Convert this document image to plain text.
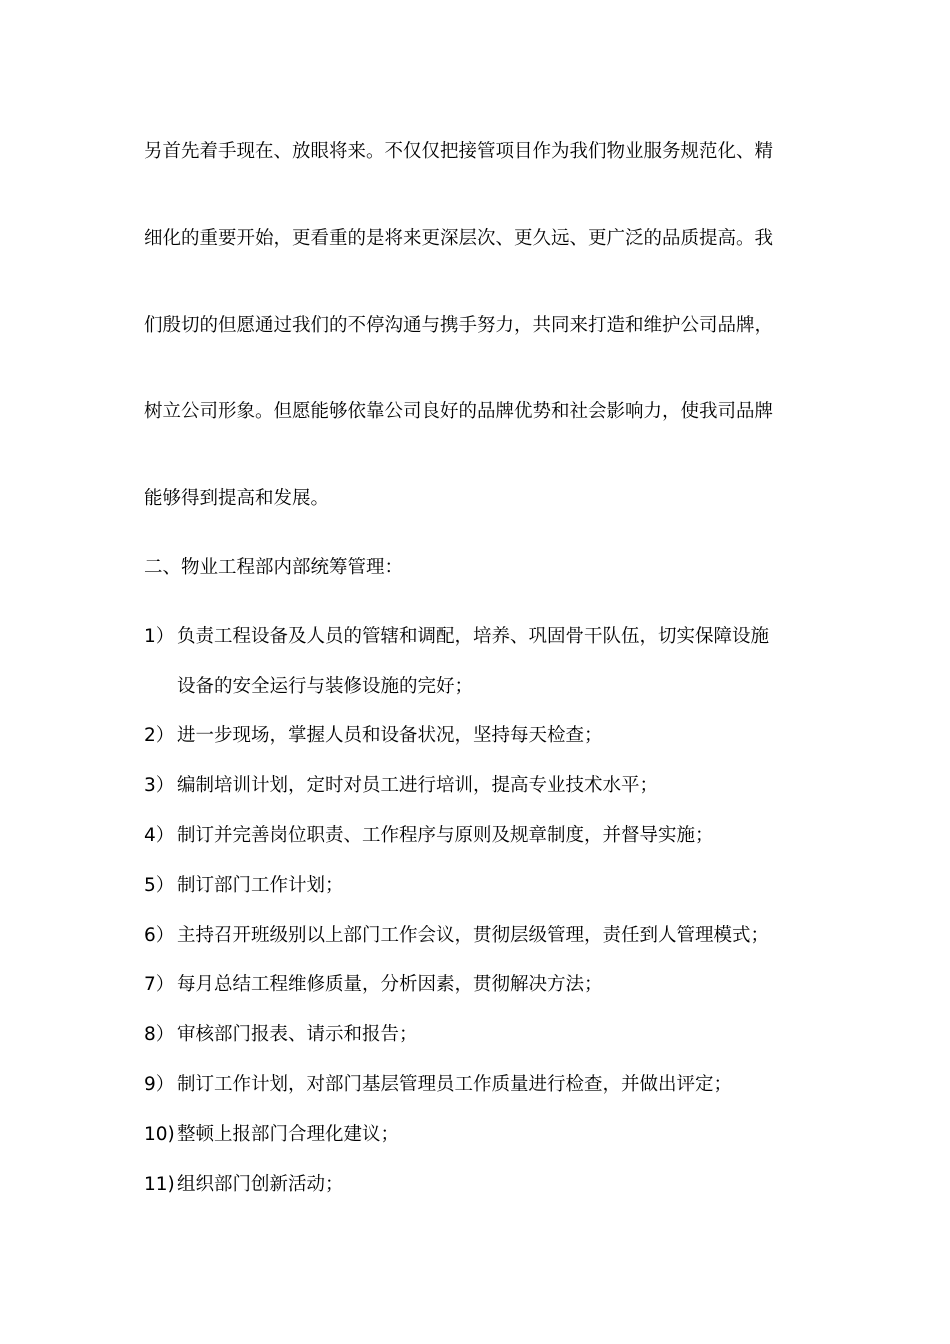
另首先着手现在、放眼将来。不仅仅把接管项目作为我们物业服务规范化、精
细化的重要开始，更看重的是将来更深层次、更久远、更广泛的品质提高。我
们殷切的但愿通过我们的不停沟通与携手努力，共同来打造和维护公司品牌，
树立公司形象。但愿能够依靠公司良好的品牌优势和社会影响力，使我司品牌
能够得到提高和发展。
二、物业工程部内部统筹管理：
1） 负责工程设备及人员的管辖和调配，培养、巩固骨干队伍，切实保障设施
设备的安全运行与装修设施的完好；
2） 进一步现场，掌握人员和设备状况，坚持每天检查；
3） 编制培训计划，定时对员工进行培训，提高专业技术水平；
4） 制订并完善岗位职责、工作程序与原则及规章制度，并督导实施；
5） 制订部门工作计划；
6） 主持召开班级别以上部门工作会议，贯彻层级管理，责任到人管理模式；
7） 每月总结工程维修质量，分析因素，贯彻解决方法；
8） 审核部门报表、请示和报告；
9） 制订工作计划，对部门基层管理员工作质量进行检查，并做出评定；
10) 整顿上报部门合理化建议；
11) 组织部门创新活动；
